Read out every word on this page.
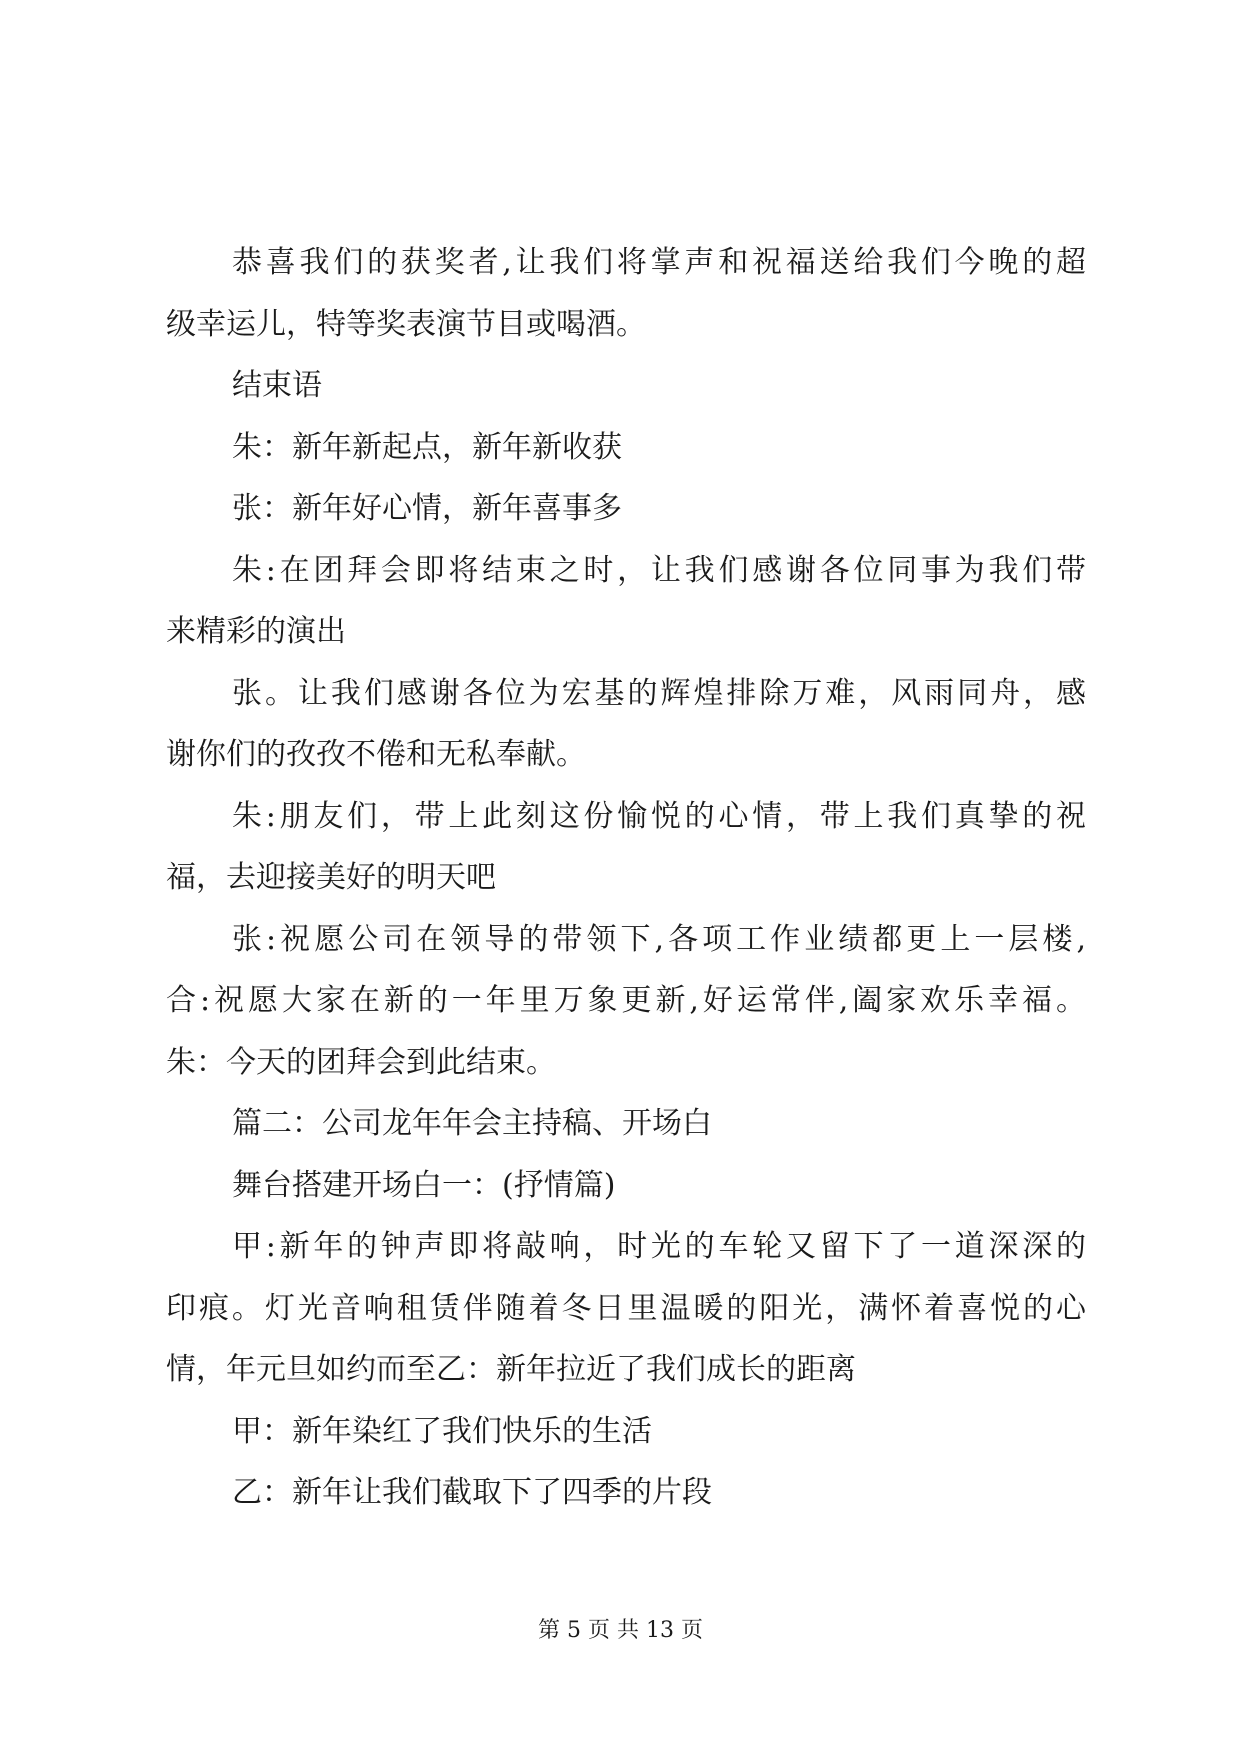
恭喜我们的获奖者,让我们将掌声和祝福送给我们今晚的超

级幸运儿，特等奖表演节目或喝酒。

结束语

朱：新年新起点，新年新收获

张：新年好心情，新年喜事多

朱:在团拜会即将结束之时，让我们感谢各位同事为我们带

来精彩的演出

张。让我们感谢各位为宏基的辉煌排除万难，风雨同舟，感

谢你们的孜孜不倦和无私奉献。

朱:朋友们，带上此刻这份愉悦的心情，带上我们真挚的祝

福，去迎接美好的明天吧

张:祝愿公司在领导的带领下,各项工作业绩都更上一层楼,

合:祝愿大家在新的一年里万象更新,好运常伴,阖家欢乐幸福。

朱：今天的团拜会到此结束。

篇二：公司龙年年会主持稿、开场白

舞台搭建开场白一：(抒情篇)

甲:新年的钟声即将敲响，时光的车轮又留下了一道深深的

印痕。灯光音响租赁伴随着冬日里温暖的阳光，满怀着喜悦的心

情，年元旦如约而至乙：新年拉近了我们成长的距离

甲：新年染红了我们快乐的生活

乙：新年让我们截取下了四季的片段

第 5 页 共 13 页
